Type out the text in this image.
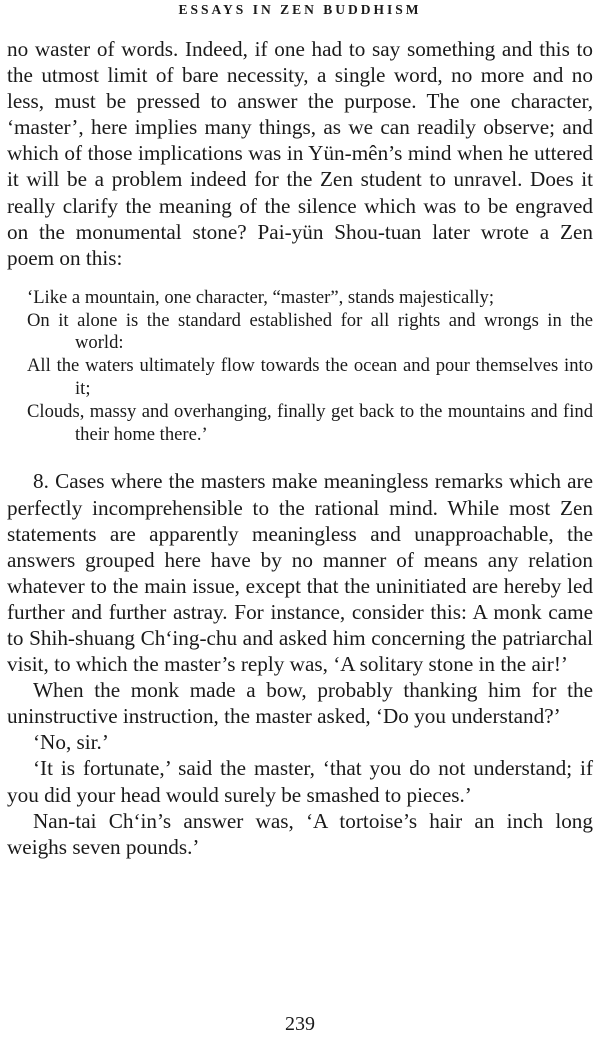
ESSAYS IN ZEN BUDDHISM

no waster of words. Indeed, if one had to say something and this to the utmost limit of bare necessity, a single word, no more and no less, must be pressed to answer the purpose. The one character, ‘master’, here implies many things, as we can readily observe; and which of those implications was in Yün-mên’s mind when he uttered it will be a problem indeed for the Zen student to unravel. Does it really clarify the meaning of the silence which was to be engraved on the monumental stone? Pai-yün Shou-tuan later wrote a Zen poem on this:

‘Like a mountain, one character, “master”, stands majestically;
On it alone is the standard established for all rights and wrongs in the world:
All the waters ultimately flow towards the ocean and pour themselves into it;
Clouds, massy and overhanging, finally get back to the mountains and find their home there.’

8. Cases where the masters make meaningless remarks which are perfectly incomprehensible to the rational mind. While most Zen statements are apparently meaningless and unapproachable, the answers grouped here have by no manner of means any relation whatever to the main issue, except that the uninitiated are hereby led further and further astray. For instance, consider this: A monk came to Shih-shuang Ch‘ing-chu and asked him concerning the patriarchal visit, to which the master’s reply was, ‘A solitary stone in the air!’

When the monk made a bow, probably thanking him for the uninstructive instruction, the master asked, ‘Do you understand?’

‘No, sir.’

‘It is fortunate,’ said the master, ‘that you do not understand; if you did your head would surely be smashed to pieces.’

Nan-tai Ch‘in’s answer was, ‘A tortoise’s hair an inch long weighs seven pounds.’

239
